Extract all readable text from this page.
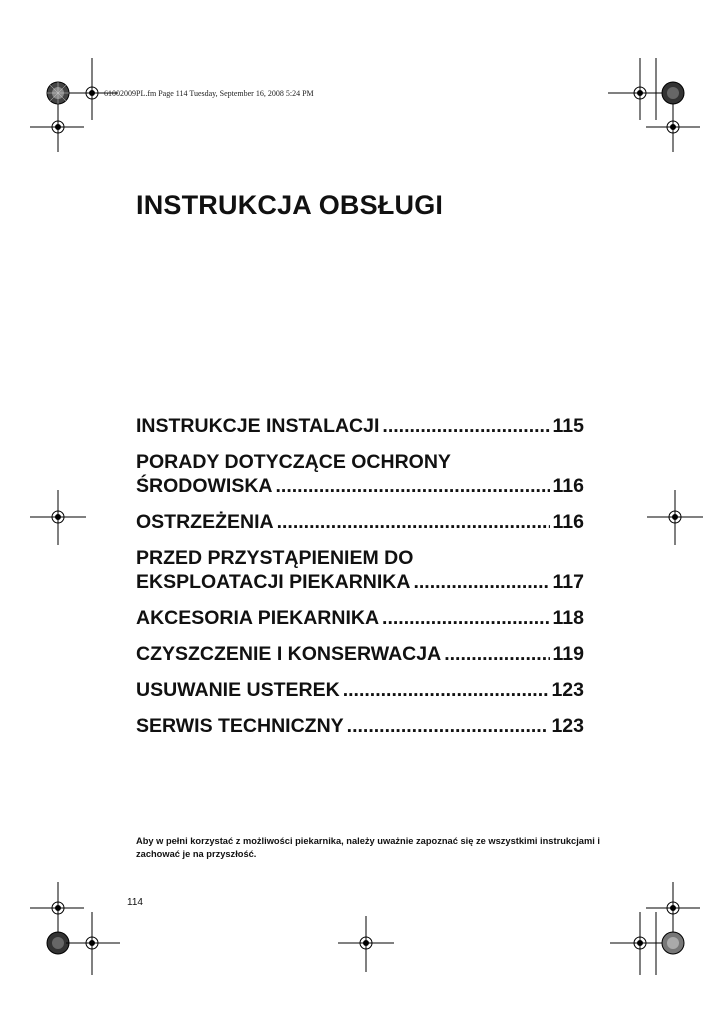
61002009PL.fm Page 114 Tuesday, September 16, 2008 5:24 PM
INSTRUKCJA OBSŁUGI
INSTRUKCJE INSTALACJI .....	115
PORADY DOTYCZĄCE OCHRONY
ŚRODOWISKA .....	116
OSTRZEŻENIA .....	116
PRZED PRZYSTĄPIENIEM DO
EKSPLOATACJI PIEKARNIKA .....	117
AKCESORIA PIEKARNIKA .....	118
CZYSZCZENIE I KONSERWACJA .....	119
USUWANIE USTEREK .....	123
SERWIS TECHNICZNY .....	123

Aby w pełni korzystać z możliwości piekarnika, należy uważnie zapoznać się ze wszystkimi instrukcjami i zachować je na przyszłość.

114
